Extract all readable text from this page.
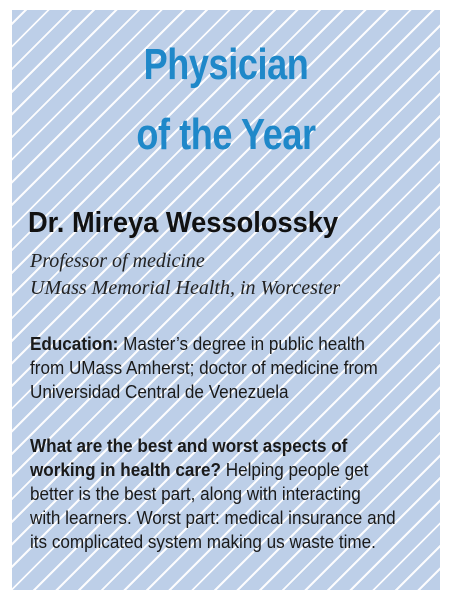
Physician
of the Year
Dr. Mireya Wessolossky
Professor of medicine
UMass Memorial Health, in Worcester
Education: Master’s degree in public health
from UMass Amherst; doctor of medicine from
Universidad Central de Venezuela
What are the best and worst aspects of
working in health care? Helping people get
better is the best part, along with interacting
with learners. Worst part: medical insurance and
its complicated system making us waste time.
